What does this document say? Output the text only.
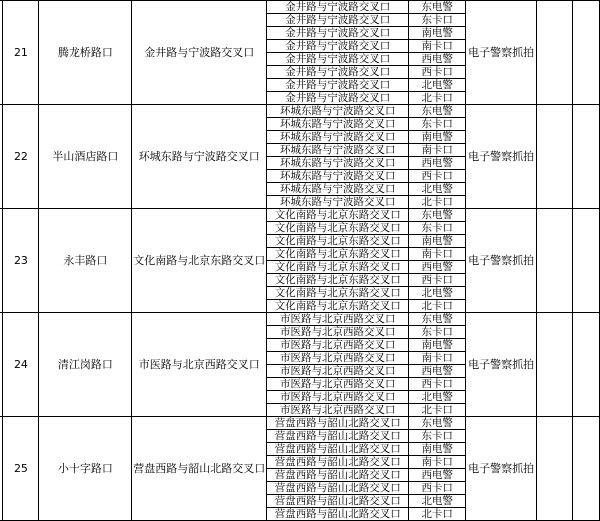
	21	腾龙桥路口	金井路与宁波路交叉口	金井路与宁波路交叉口	东电警	电子警察抓拍		
				金井路与宁波路交叉口	东卡口			
				金井路与宁波路交叉口	南电警			
				金井路与宁波路交叉口	南卡口			
				金井路与宁波路交叉口	西电警			
				金井路与宁波路交叉口	西卡口			
				金井路与宁波路交叉口	北电警			
				金井路与宁波路交叉口	北卡口			
	22	半山酒店路口	环城东路与宁波路交叉口	环城东路与宁波路交叉口	东电警	电子警察抓拍		
				环城东路与宁波路交叉口	东卡口			
				环城东路与宁波路交叉口	南电警			
				环城东路与宁波路交叉口	南卡口			
				环城东路与宁波路交叉口	西电警			
				环城东路与宁波路交叉口	西卡口			
				环城东路与宁波路交叉口	北电警			
				环城东路与宁波路交叉口	北卡口			
	23	永丰路口	文化南路与北京东路交叉口	文化南路与北京东路交叉口	东电警	电子警察抓拍		
				文化南路与北京东路交叉口	东卡口			
				文化南路与北京东路交叉口	南电警			
				文化南路与北京东路交叉口	南卡口			
				文化南路与北京东路交叉口	西电警			
				文化南路与北京东路交叉口	西卡口			
				文化南路与北京东路交叉口	北电警			
				文化南路与北京东路交叉口	北卡口			
	24	清江岗路口	市医路与北京西路交叉口	市医路与北京西路交叉口	东电警	电子警察抓拍		
				市医路与北京西路交叉口	东卡口			
				市医路与北京西路交叉口	南电警			
				市医路与北京西路交叉口	南卡口			
				市医路与北京西路交叉口	西电警			
				市医路与北京西路交叉口	西卡口			
				市医路与北京西路交叉口	北电警			
				市医路与北京西路交叉口	北卡口			
	25	小十字路口	营盘西路与韶山北路交叉口	营盘西路与韶山北路交叉口	东电警	电子警察抓拍		
				营盘西路与韶山北路交叉口	东卡口			
				营盘西路与韶山北路交叉口	南电警			
				营盘西路与韶山北路交叉口	南卡口			
				营盘西路与韶山北路交叉口	西电警			
				营盘西路与韶山北路交叉口	西卡口			
				营盘西路与韶山北路交叉口	北电警			
				营盘西路与韶山北路交叉口	北卡口			
